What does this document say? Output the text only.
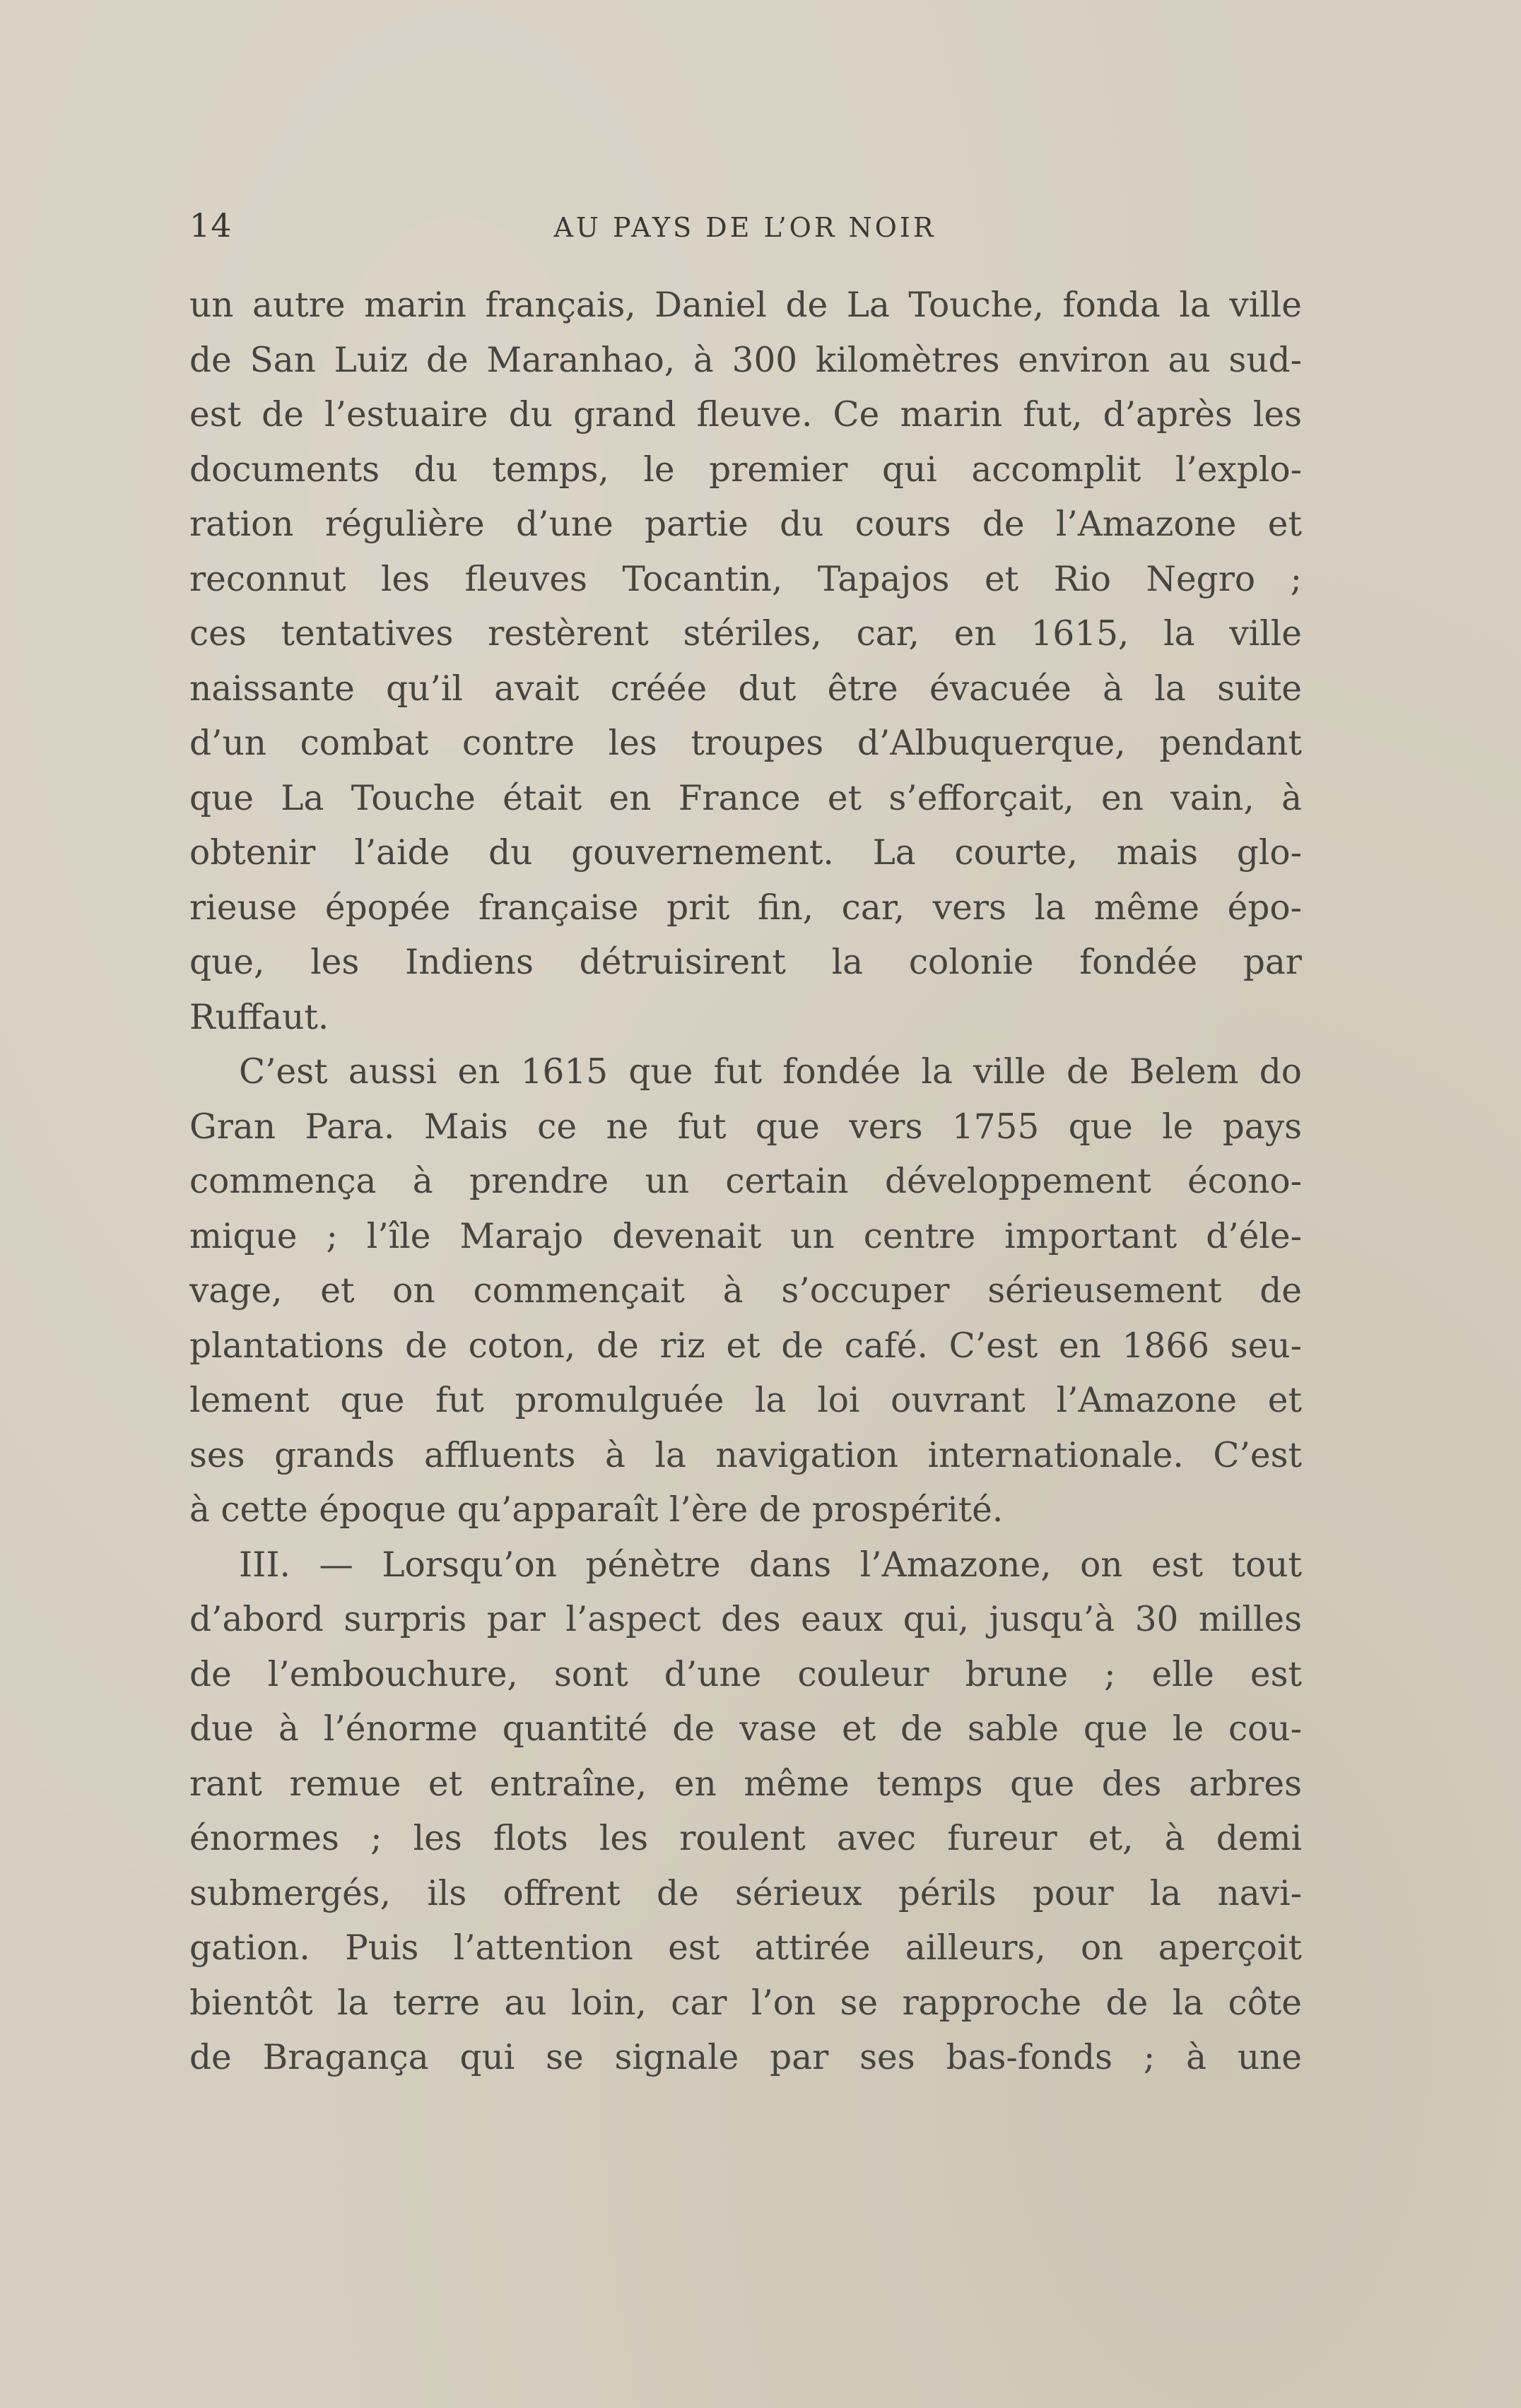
14	AU PAYS DE L’OR NOIR
un autre marin français, Daniel de La Touche, fonda la ville
de San Luiz de Maranhao, à 300 kilomètres environ au sud-
est de l’estuaire du grand fleuve. Ce marin fut, d’après les
documents du temps, le premier qui accomplit l’explo-
ration régulière d’une partie du cours de l’Amazone et
reconnut les fleuves Tocantin, Tapajos et Rio Negro ;
ces tentatives restèrent stériles, car, en 1615, la ville
naissante qu’il avait créée dut être évacuée à la suite
d’un combat contre les troupes d’Albuquerque, pendant
que La Touche était en France et s’efforçait, en vain, à
obtenir l’aide du gouvernement. La courte, mais glo-
rieuse épopée française prit fin, car, vers la même épo-
que, les Indiens détruisirent la colonie fondée par
Ruffaut.
C’est aussi en 1615 que fut fondée la ville de Belem do
Gran Para. Mais ce ne fut que vers 1755 que le pays
commença à prendre un certain développement écono-
mique ; l’île Marajo devenait un centre important d’éle-
vage, et on commençait à s’occuper sérieusement de
plantations de coton, de riz et de café. C’est en 1866 seu-
lement que fut promulguée la loi ouvrant l’Amazone et
ses grands affluents à la navigation internationale. C’est
à cette époque qu’apparaît l’ère de prospérité.
III. — Lorsqu’on pénètre dans l’Amazone, on est tout
d’abord surpris par l’aspect des eaux qui, jusqu’à 30 milles
de l’embouchure, sont d’une couleur brune ; elle est
due à l’énorme quantité de vase et de sable que le cou-
rant remue et entraîne, en même temps que des arbres
énormes ; les flots les roulent avec fureur et, à demi
submergés, ils offrent de sérieux périls pour la navi-
gation. Puis l’attention est attirée ailleurs, on aperçoit
bientôt la terre au loin, car l’on se rapproche de la côte
de Bragança qui se signale par ses bas-fonds ; à une
